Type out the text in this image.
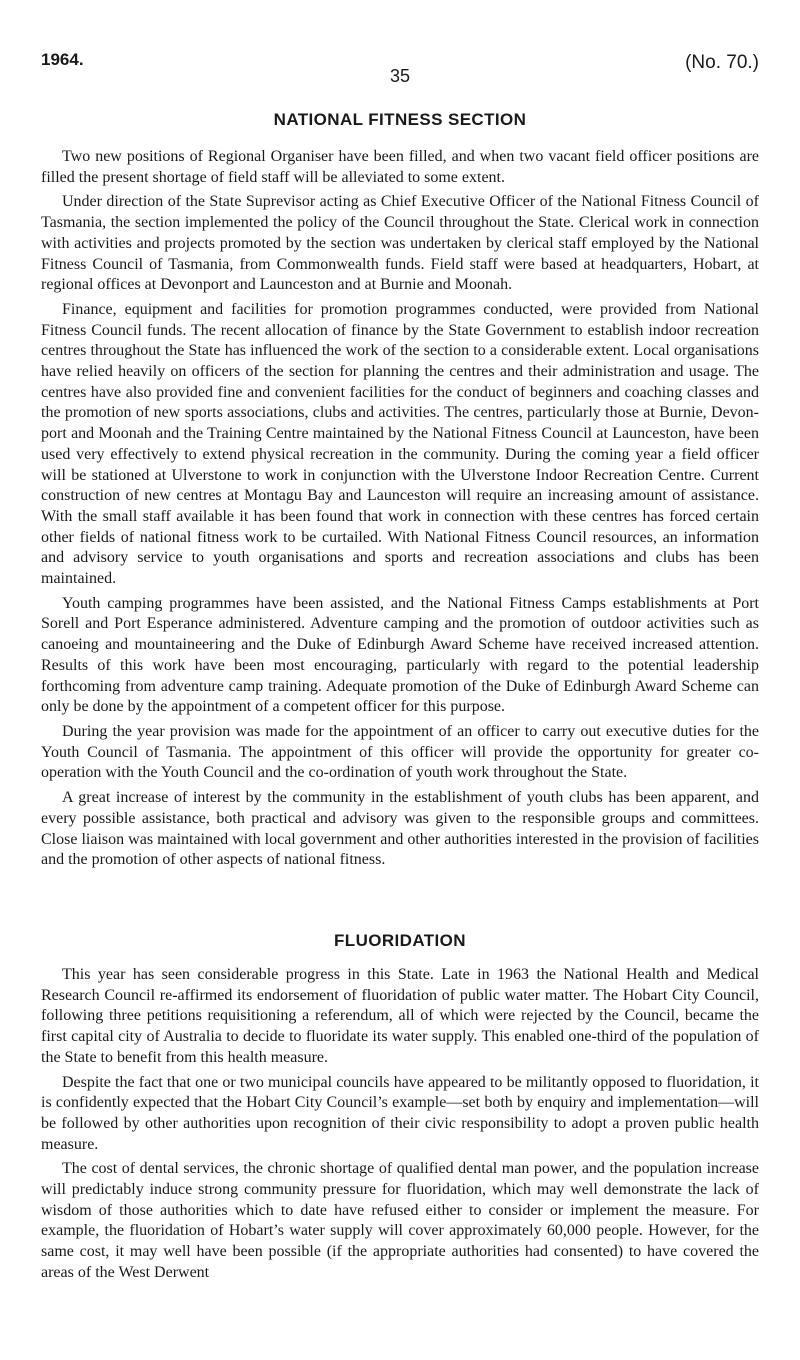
1964.
35
(No. 70.)
NATIONAL FITNESS SECTION

Two new positions of Regional Organiser have been filled, and when two vacant field officer positions are filled the present shortage of field staff will be alleviated to some extent.

Under direction of the State Suprevisor acting as Chief Executive Officer of the National Fitness Council of Tasmania, the section implemented the policy of the Council throughout the State. Clerical work in connection with activities and projects promoted by the section was undertaken by clerical staff employed by the National Fitness Council of Tasmania, from Commonwealth funds. Field staff were based at headquarters, Hobart, at regional offices at Devonport and Launceston and at Burnie and Moonah.

Finance, equipment and facilities for promotion programmes conducted, were provided from National Fitness Council funds. The recent allocation of finance by the State Government to establish indoor recreation centres throughout the State has influenced the work of the section to a considerable extent. Local organisations have relied heavily on officers of the section for planning the centres and their administration and usage. The centres have also provided fine and convenient facilities for the conduct of beginners and coaching classes and the promotion of new sports associations, clubs and activities. The centres, particularly those at Burnie, Devonport and Moonah and the Training Centre maintained by the National Fitness Council at Launceston, have been used very effectively to extend physical recreation in the community. During the coming year a field officer will be stationed at Ulverstone to work in conjunction with the Ulverstone Indoor Recreation Centre. Current construction of new centres at Montagu Bay and Launceston will require an increasing amount of assistance. With the small staff available it has been found that work in connection with these centres has forced certain other fields of national fitness work to be curtailed. With National Fitness Council resources, an information and advisory service to youth organisations and sports and recreation associations and clubs has been maintained.

Youth camping programmes have been assisted, and the National Fitness Camps establishments at Port Sorell and Port Esperance administered. Adventure camping and the promotion of outdoor activities such as canoeing and mountaineering and the Duke of Edinburgh Award Scheme have received increased attention. Results of this work have been most encouraging, particularly with regard to the potential leadership forthcoming from adventure camp training. Adequate promotion of the Duke of Edinburgh Award Scheme can only be done by the appointment of a competent officer for this purpose.

During the year provision was made for the appointment of an officer to carry out executive duties for the Youth Council of Tasmania. The appointment of this officer will provide the opportunity for greater co-operation with the Youth Council and the co-ordination of youth work throughout the State.

A great increase of interest by the community in the establishment of youth clubs has been apparent, and every possible assistance, both practical and advisory was given to the responsible groups and committees. Close liaison was maintained with local government and other authorities interested in the provision of facilities and the promotion of other aspects of national fitness.

FLUORIDATION

This year has seen considerable progress in this State. Late in 1963 the National Health and Medical Research Council re-affirmed its endorsement of fluoridation of public water matter. The Hobart City Council, following three petitions requisitioning a referendum, all of which were rejected by the Council, became the first capital city of Australia to decide to fluoridate its water supply. This enabled one-third of the population of the State to benefit from this health measure.

Despite the fact that one or two municipal councils have appeared to be militantly opposed to fluoridation, it is confidently expected that the Hobart City Council’s example—set both by enquiry and implementation—will be followed by other authorities upon recognition of their civic responsibility to adopt a proven public health measure.

The cost of dental services, the chronic shortage of qualified dental man power, and the population increase will predictably induce strong community pressure for fluoridation, which may well demonstrate the lack of wisdom of those authorities which to date have refused either to consider or implement the measure. For example, the fluoridation of Hobart’s water supply will cover approximately 60,000 people. However, for the same cost, it may well have been possible (if the appropriate authorities had consented) to have covered the areas of the West Derwent
